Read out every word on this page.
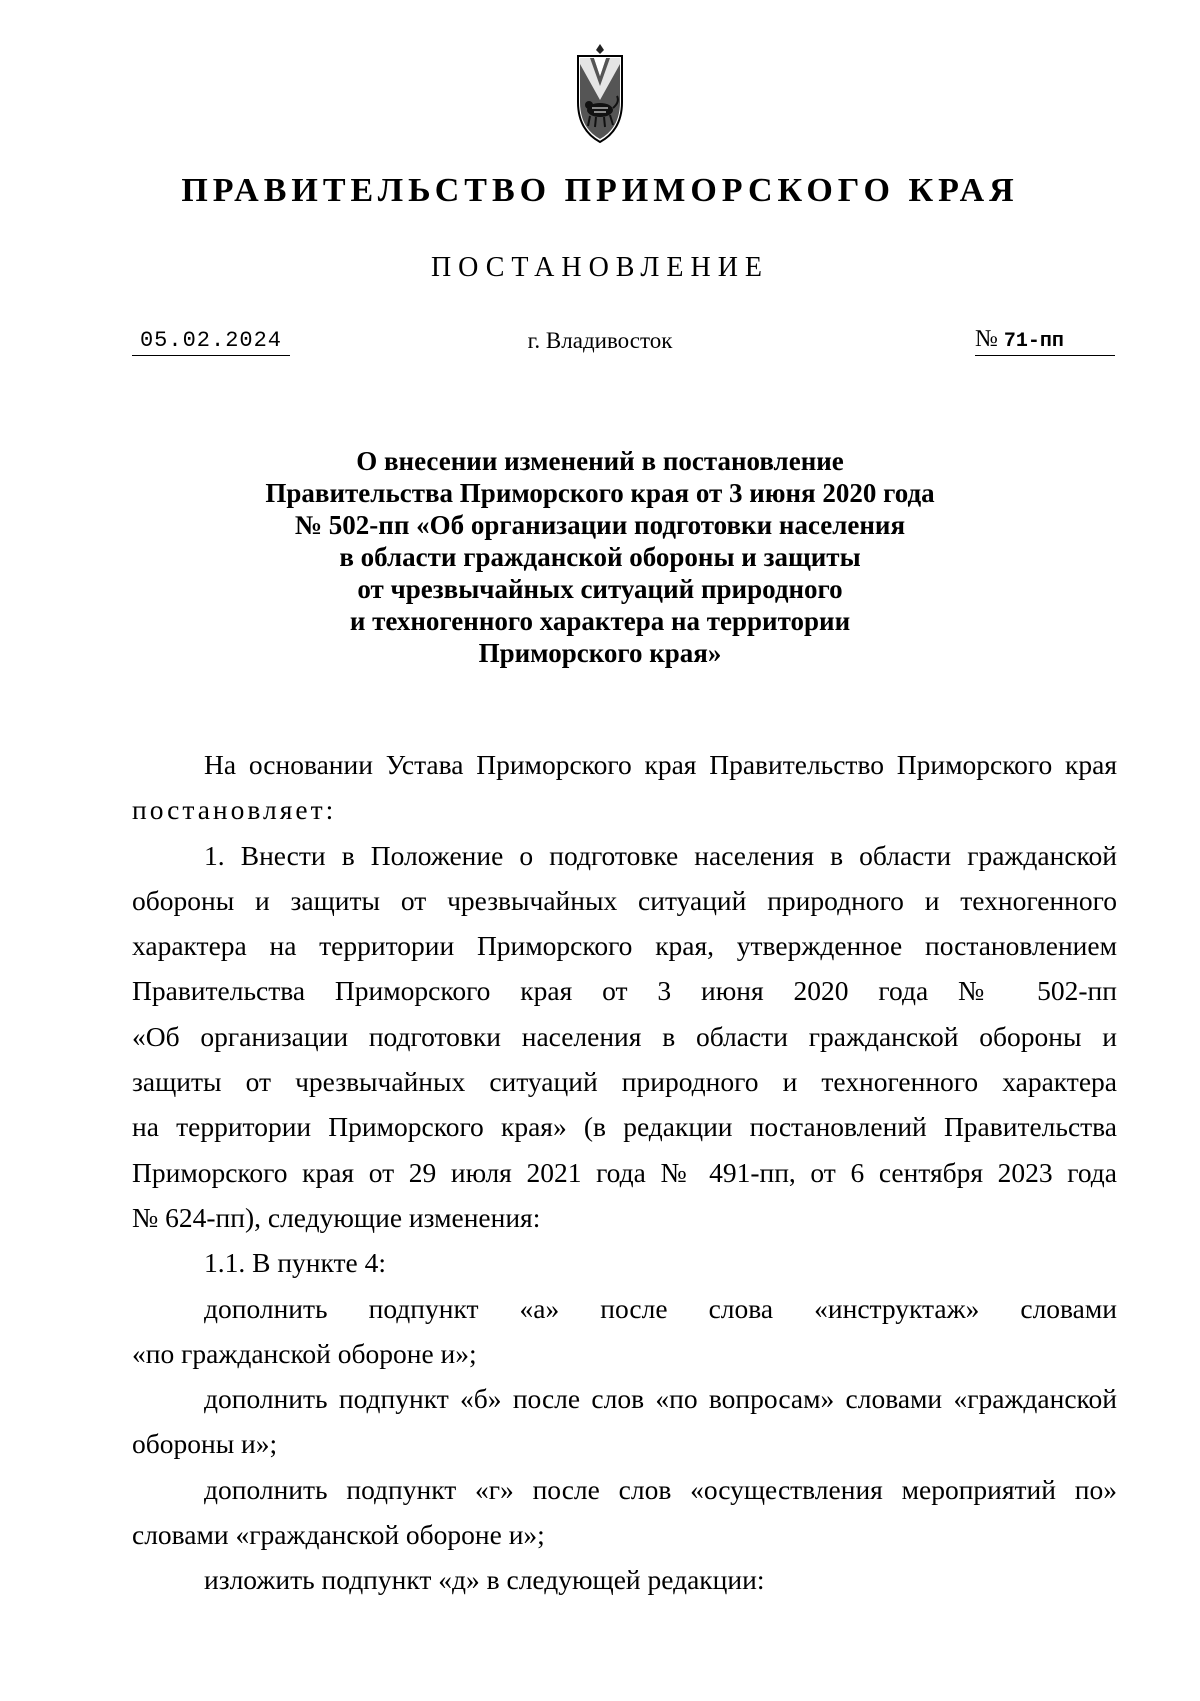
ПРАВИТЕЛЬСТВО ПРИМОРСКОГО КРАЯ
ПОСТАНОВЛЕНИЕ
05.02.2024	г. Владивосток	№ 71-пп
О внесении изменений в постановление
Правительства Приморского края от 3 июня 2020 года
№ 502-пп «Об организации подготовки населения
в области гражданской обороны и защиты
от чрезвычайных ситуаций природного
и техногенного характера на территории
Приморского края»

На основании Устава Приморского края Правительство Приморского края

постановляет:

1. Внести в Положение о подготовке населения в области гражданской

обороны и защиты от чрезвычайных ситуаций природного и техногенного

характера на территории Приморского края, утвержденное постановлением

Правительства Приморского края от 3 июня 2020 года № 502-пп

«Об организации подготовки населения в области гражданской обороны и

защиты от чрезвычайных ситуаций природного и техногенного характера

на территории Приморского края» (в редакции постановлений Правительства

Приморского края от 29 июля 2021 года № 491-пп, от 6 сентября 2023 года

№ 624-пп), следующие изменения:

1.1. В пункте 4:

дополнить подпункт «а» после слова «инструктаж» словами

«по гражданской обороне и»;

дополнить подпункт «б» после слов «по вопросам» словами «гражданской

обороны и»;

дополнить подпункт «г» после слов «осуществления мероприятий по»

словами «гражданской обороне и»;

изложить подпункт «д» в следующей редакции:
